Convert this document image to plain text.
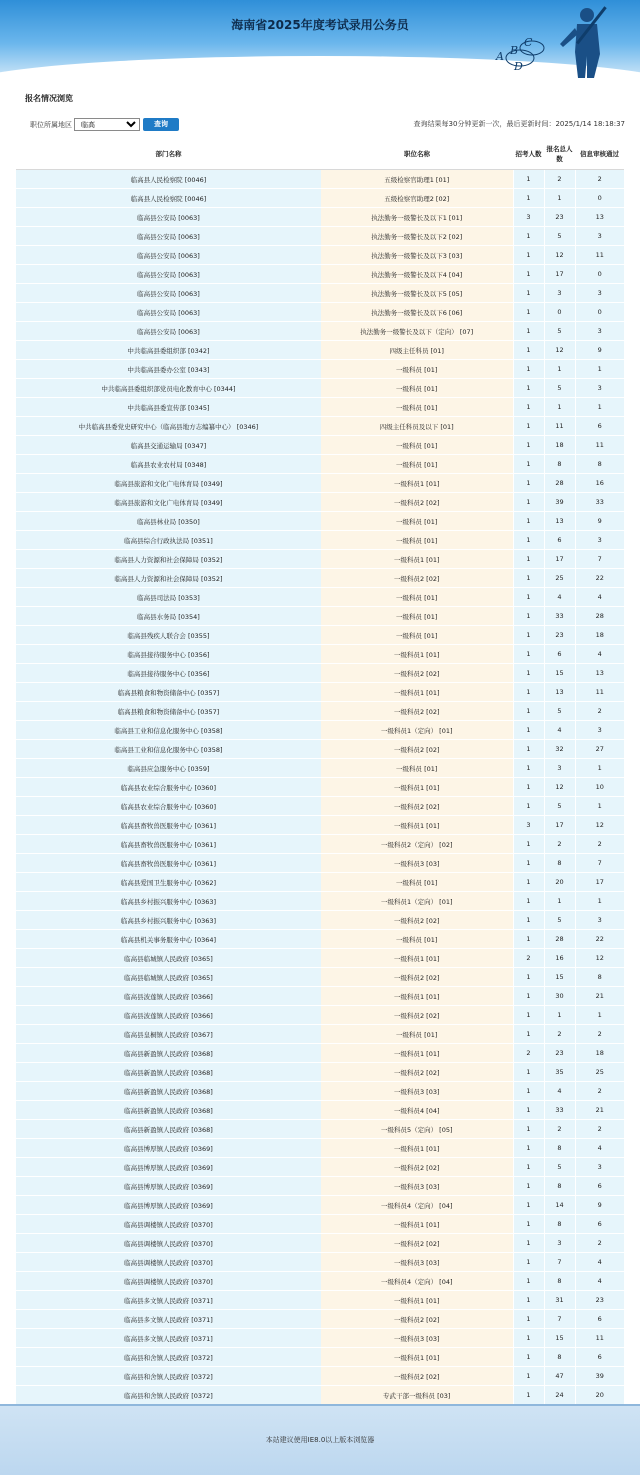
海南省2025年度考试录用公务员
A B
C
D
报名情况浏览
职位所属地区
临高	查询	查询结果每30分钟更新一次，最后更新时间：2025/1/14 18:18:37
部门名称	职位名称	招考人数	报名总人数	信息审核通过
临高县人民检察院 [0046]	五级检察官助理1 [01]	1	2	2
临高县人民检察院 [0046]	五级检察官助理2 [02]	1	1	0
临高县公安局 [0063]	执法勤务一级警长及以下1 [01]	3	23	13
临高县公安局 [0063]	执法勤务一级警长及以下2 [02]	1	5	3
临高县公安局 [0063]	执法勤务一级警长及以下3 [03]	1	12	11
临高县公安局 [0063]	执法勤务一级警长及以下4 [04]	1	17	0
临高县公安局 [0063]	执法勤务一级警长及以下5 [05]	1	3	3
临高县公安局 [0063]	执法勤务一级警长及以下6 [06]	1	0	0
临高县公安局 [0063]	执法勤务一级警长及以下（定向） [07]	1	5	3
中共临高县委组织部 [0342]	四级主任科员 [01]	1	12	9
中共临高县委办公室 [0343]	一级科员 [01]	1	1	1
中共临高县委组织部党员电化教育中心 [0344]	一级科员 [01]	1	5	3
中共临高县委宣传部 [0345]	一级科员 [01]	1	1	1
中共临高县委党史研究中心（临高县地方志编纂中心） [0346]	四级主任科员及以下 [01]	1	11	6
临高县交通运输局 [0347]	一级科员 [01]	1	18	11
临高县农业农村局 [0348]	一级科员 [01]	1	8	8
临高县旅游和文化广电体育局 [0349]	一级科员1 [01]	1	28	16
临高县旅游和文化广电体育局 [0349]	一级科员2 [02]	1	39	33
临高县林业局 [0350]	一级科员 [01]	1	13	9
临高县综合行政执法局 [0351]	一级科员 [01]	1	6	3
临高县人力资源和社会保障局 [0352]	一级科员1 [01]	1	17	7
临高县人力资源和社会保障局 [0352]	一级科员2 [02]	1	25	22
临高县司法局 [0353]	一级科员 [01]	1	4	4
临高县水务局 [0354]	一级科员 [01]	1	33	28
临高县残疾人联合会 [0355]	一级科员 [01]	1	23	18
临高县接待服务中心 [0356]	一级科员1 [01]	1	6	4
临高县接待服务中心 [0356]	一级科员2 [02]	1	15	13
临高县粮食和物资储备中心 [0357]	一级科员1 [01]	1	13	11
临高县粮食和物资储备中心 [0357]	一级科员2 [02]	1	5	2
临高县工业和信息化服务中心 [0358]	一级科员1（定向） [01]	1	4	3
临高县工业和信息化服务中心 [0358]	一级科员2 [02]	1	32	27
临高县应急服务中心 [0359]	一级科员 [01]	1	3	1
临高县农业综合服务中心 [0360]	一级科员1 [01]	1	12	10
临高县农业综合服务中心 [0360]	一级科员2 [02]	1	5	1
临高县畜牧兽医服务中心 [0361]	一级科员1 [01]	3	17	12
临高县畜牧兽医服务中心 [0361]	一级科员2（定向） [02]	1	2	2
临高县畜牧兽医服务中心 [0361]	一级科员3 [03]	1	8	7
临高县爱国卫生服务中心 [0362]	一级科员 [01]	1	20	17
临高县乡村振兴服务中心 [0363]	一级科员1（定向） [01]	1	1	1
临高县乡村振兴服务中心 [0363]	一级科员2 [02]	1	5	3
临高县机关事务服务中心 [0364]	一级科员 [01]	1	28	22
临高县临城镇人民政府 [0365]	一级科员1 [01]	2	16	12
临高县临城镇人民政府 [0365]	一级科员2 [02]	1	15	8
临高县波莲镇人民政府 [0366]	一级科员1 [01]	1	30	21
临高县波莲镇人民政府 [0366]	一级科员2 [02]	1	1	1
临高县皇桐镇人民政府 [0367]	一级科员 [01]	1	2	2
临高县新盈镇人民政府 [0368]	一级科员1 [01]	2	23	18
临高县新盈镇人民政府 [0368]	一级科员2 [02]	1	35	25
临高县新盈镇人民政府 [0368]	一级科员3 [03]	1	4	2
临高县新盈镇人民政府 [0368]	一级科员4 [04]	1	33	21
临高县新盈镇人民政府 [0368]	一级科员5（定向） [05]	1	2	2
临高县博厚镇人民政府 [0369]	一级科员1 [01]	1	8	4
临高县博厚镇人民政府 [0369]	一级科员2 [02]	1	5	3
临高县博厚镇人民政府 [0369]	一级科员3 [03]	1	8	6
临高县博厚镇人民政府 [0369]	一级科员4（定向） [04]	1	14	9
临高县调楼镇人民政府 [0370]	一级科员1 [01]	1	8	6
临高县调楼镇人民政府 [0370]	一级科员2 [02]	1	3	2
临高县调楼镇人民政府 [0370]	一级科员3 [03]	1	7	4
临高县调楼镇人民政府 [0370]	一级科员4（定向） [04]	1	8	4
临高县多文镇人民政府 [0371]	一级科员1 [01]	1	31	23
临高县多文镇人民政府 [0371]	一级科员2 [02]	1	7	6
临高县多文镇人民政府 [0371]	一级科员3 [03]	1	15	11
临高县和舍镇人民政府 [0372]	一级科员1 [01]	1	8	6
临高县和舍镇人民政府 [0372]	一级科员2 [02]	1	47	39
临高县和舍镇人民政府 [0372]	专武干部一级科员 [03]	1	24	20
本站建议使用IE8.0以上版本浏览器
